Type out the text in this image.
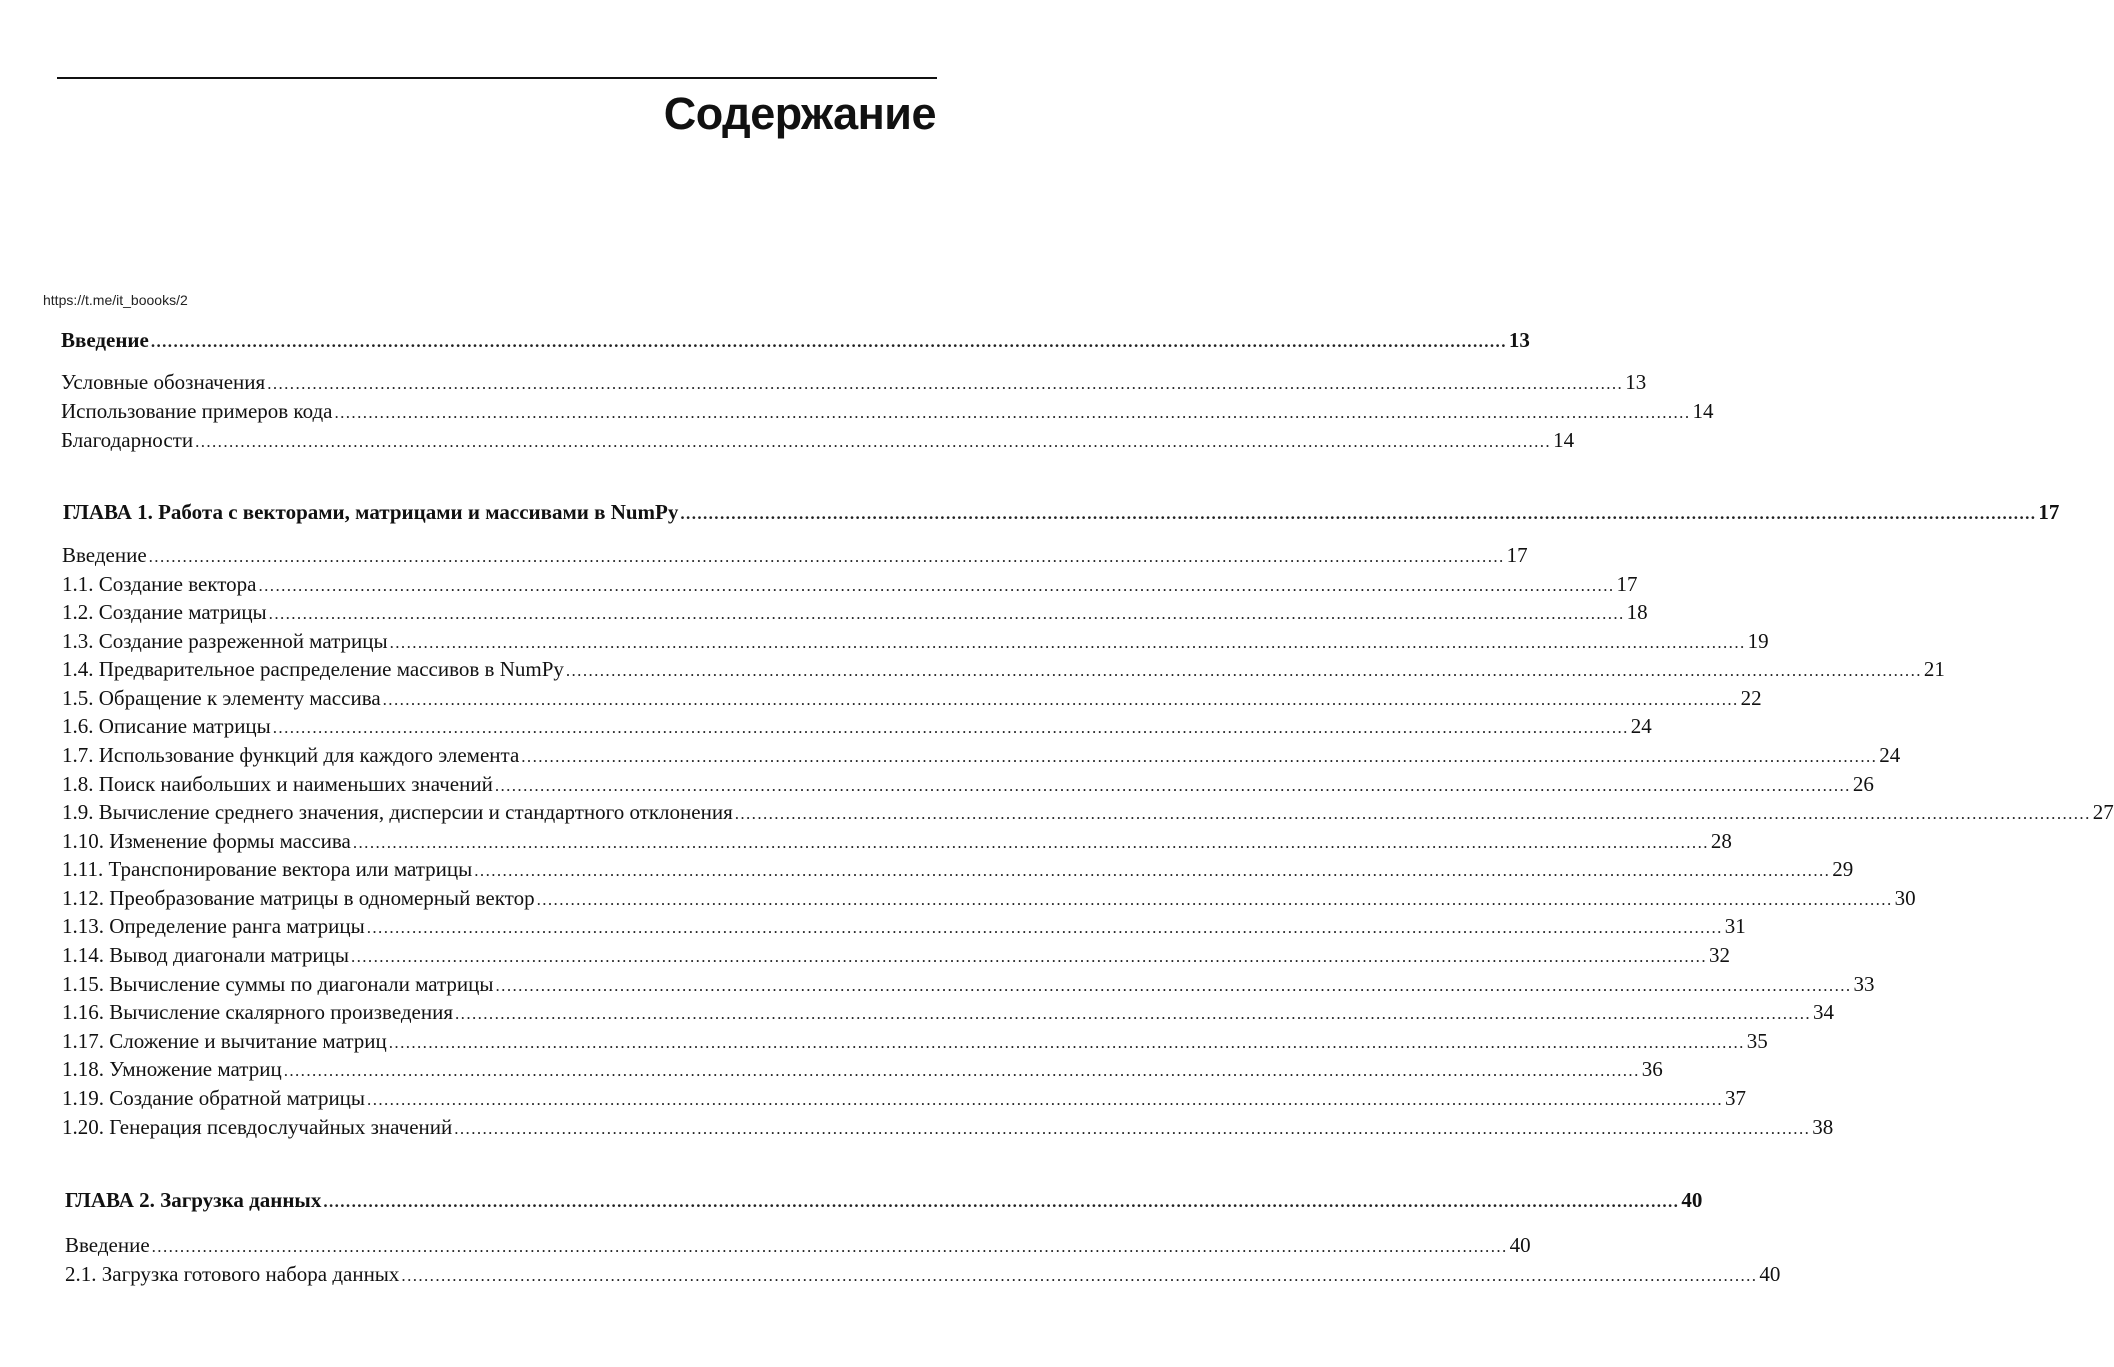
Содержание
https://t.me/it_boooks/2
Введение ................................................................................................................................................................................................................................................ 13
Условные обозначения ................................................................................................................................................................................................................................................ 13
Использование примеров кода ................................................................................................................................................................................................................................................ 14
Благодарности ................................................................................................................................................................................................................................................ 14
ГЛАВА 1. Работа с векторами, матрицами и массивами в NumPy ................................................................................................................................................................................................................................................ 17
Введение ................................................................................................................................................................................................................................................ 17
1.1. Создание вектора ................................................................................................................................................................................................................................................ 17
1.2. Создание матрицы ................................................................................................................................................................................................................................................ 18
1.3. Создание разреженной матрицы ................................................................................................................................................................................................................................................ 19
1.4. Предварительное распределение массивов в NumPy ................................................................................................................................................................................................................................................ 21
1.5. Обращение к элементу массива ................................................................................................................................................................................................................................................ 22
1.6. Описание матрицы ................................................................................................................................................................................................................................................ 24
1.7. Использование функций для каждого элемента ................................................................................................................................................................................................................................................ 24
1.8. Поиск наибольших и наименьших значений ................................................................................................................................................................................................................................................ 26
1.9. Вычисление среднего значения, дисперсии и стандартного отклонения ................................................................................................................................................................................................................................................ 27
1.10. Изменение формы массива ................................................................................................................................................................................................................................................ 28
1.11. Транспонирование вектора или матрицы ................................................................................................................................................................................................................................................ 29
1.12. Преобразование матрицы в одномерный вектор ................................................................................................................................................................................................................................................ 30
1.13. Определение ранга матрицы ................................................................................................................................................................................................................................................ 31
1.14. Вывод диагонали матрицы ................................................................................................................................................................................................................................................ 32
1.15. Вычисление суммы по диагонали матрицы ................................................................................................................................................................................................................................................ 33
1.16. Вычисление скалярного произведения ................................................................................................................................................................................................................................................ 34
1.17. Сложение и вычитание матриц ................................................................................................................................................................................................................................................ 35
1.18. Умножение матриц ................................................................................................................................................................................................................................................ 36
1.19. Создание обратной матрицы ................................................................................................................................................................................................................................................ 37
1.20. Генерация псевдослучайных значений ................................................................................................................................................................................................................................................ 38
ГЛАВА 2. Загрузка данных ................................................................................................................................................................................................................................................ 40
Введение ................................................................................................................................................................................................................................................ 40
2.1. Загрузка готового набора данных ................................................................................................................................................................................................................................................ 40
